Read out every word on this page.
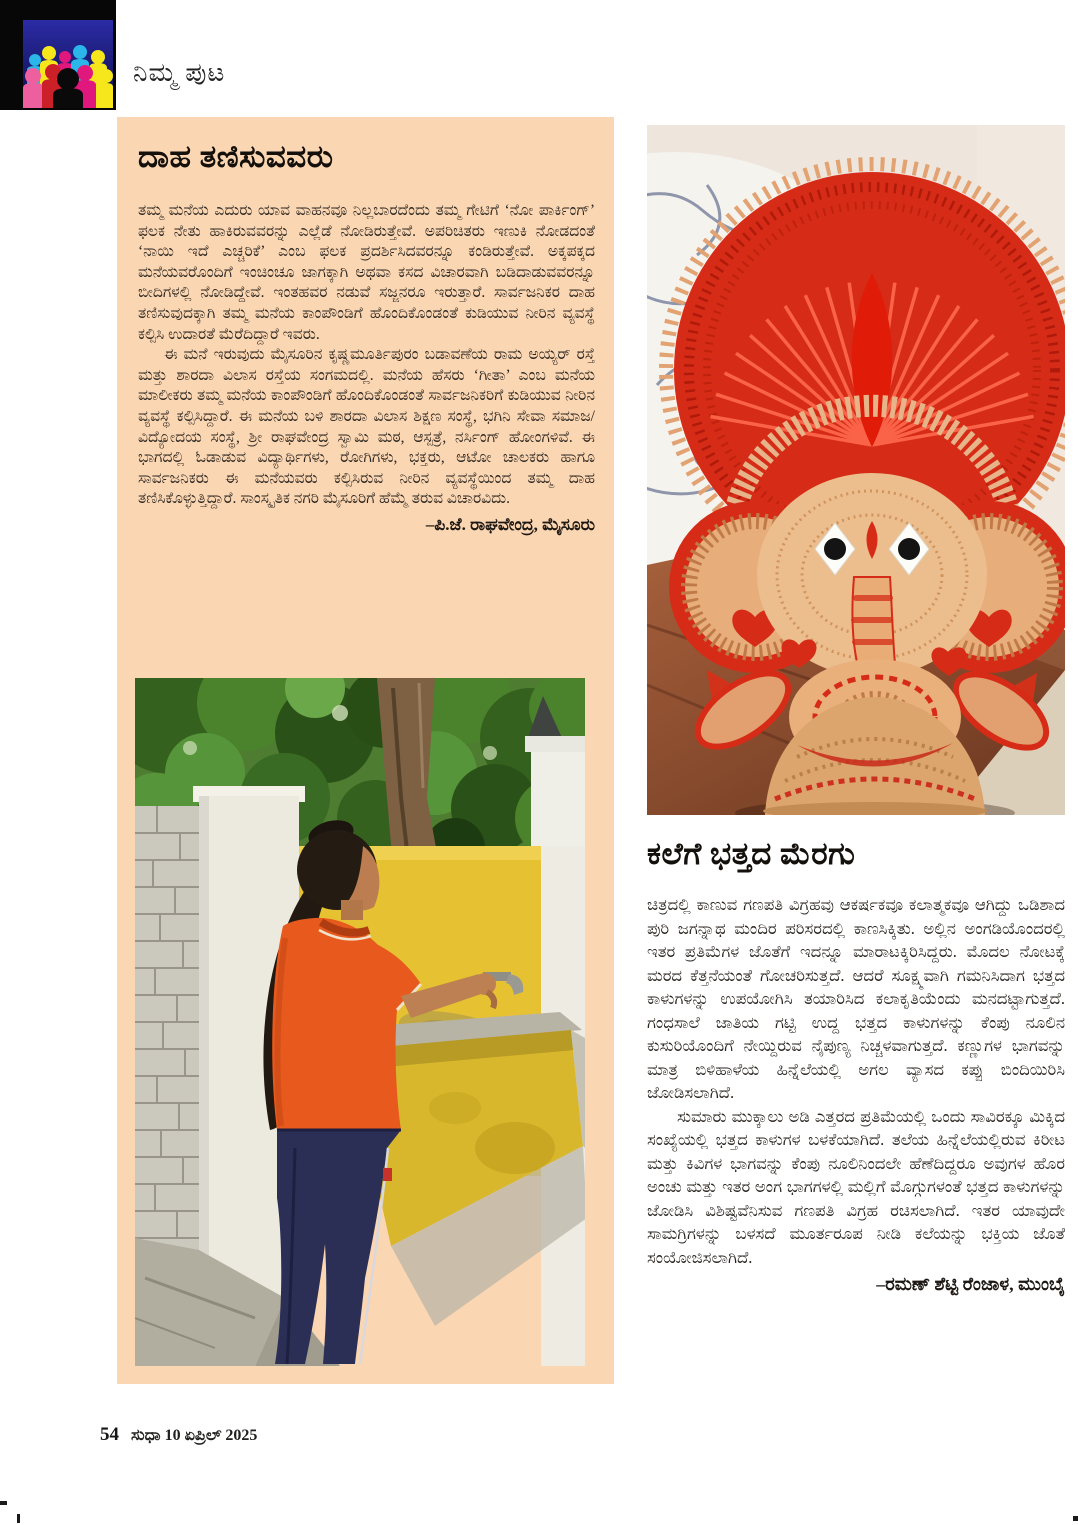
ನಿಮ್ಮ ಪುಟ
ದಾಹ ತಣಿಸುವವರು

ತಮ್ಮ ಮನೆಯ ಎದುರು ಯಾವ ವಾಹನವೂ ನಿಲ್ಲಬಾರದೆಂದು ತಮ್ಮ ಗೇಟಿಗೆ ‘ನೋ ಪಾರ್ಕಿಂಗ್’ ಫಲಕ ನೇತು ಹಾಕಿರುವವರನ್ನು ಎಲ್ಲೆಡೆ ನೋಡಿರುತ್ತೇವೆ. ಅಪರಿಚಿತರು ಇಣುಕಿ ನೋಡದಂತೆ ‘ನಾಯಿ ಇದೆ ಎಚ್ಚರಿಕೆ’ ಎಂಬ ಫಲಕ ಪ್ರದರ್ಶಿಸಿದವರನ್ನೂ ಕಂಡಿರುತ್ತೇವೆ. ಅಕ್ಕಪಕ್ಕದ ಮನೆಯವರೊಂದಿಗೆ ಇಂಚಿಂಚೂ ಜಾಗಕ್ಕಾಗಿ ಅಥವಾ ಕಸದ ವಿಚಾರವಾಗಿ ಬಡಿದಾಡುವವರನ್ನೂ ಬೀದಿಗಳಲ್ಲಿ ನೋಡಿದ್ದೇವೆ. ಇಂತಹವರ ನಡುವೆ ಸಜ್ಜನರೂ ಇರುತ್ತಾರೆ. ಸಾರ್ವಜನಿಕರ ದಾಹ ತಣಿಸುವುದಕ್ಕಾಗಿ ತಮ್ಮ ಮನೆಯ ಕಾಂಪೌಂಡಿಗೆ ಹೊಂದಿಕೊಂಡಂತೆ ಕುಡಿಯುವ ನೀರಿನ ವ್ಯವಸ್ಥೆ ಕಲ್ಪಿಸಿ ಉದಾರತೆ ಮೆರೆದಿದ್ದಾರೆ ಇವರು.

ಈ ಮನೆ ಇರುವುದು ಮೈಸೂರಿನ ಕೃಷ್ಣಮೂರ್ತಿಪುರಂ ಬಡಾವಣೆಯ ರಾಮ ಅಯ್ಯರ್ ರಸ್ತೆ ಮತ್ತು ಶಾರದಾ ವಿಲಾಸ ರಸ್ತೆಯ ಸಂಗಮದಲ್ಲಿ. ಮನೆಯ ಹೆಸರು ‘ಗೀತಾ’ ಎಂಬ ಮನೆಯ ಮಾಲೀಕರು ತಮ್ಮ ಮನೆಯ ಕಾಂಪೌಂಡಿಗೆ ಹೊಂದಿಕೊಂಡಂತೆ ಸಾರ್ವಜನಿಕರಿಗೆ ಕುಡಿಯುವ ನೀರಿನ ವ್ಯವಸ್ಥೆ ಕಲ್ಪಿಸಿದ್ದಾರೆ. ಈ ಮನೆಯ ಬಳಿ ಶಾರದಾ ವಿಲಾಸ ಶಿಕ್ಷಣ ಸಂಸ್ಥೆ, ಭಗಿನಿ ಸೇವಾ ಸಮಾಜ/ವಿದ್ಯೋದಯ ಸಂಸ್ಥೆ, ಶ್ರೀ ರಾಘವೇಂದ್ರ ಸ್ವಾಮಿ ಮಠ, ಆಸ್ಪತ್ರೆ, ನರ್ಸಿಂಗ್ ಹೋಂಗಳಿವೆ. ಈ ಭಾಗದಲ್ಲಿ ಓಡಾಡುವ ವಿದ್ಯಾರ್ಥಿಗಳು, ರೋಗಿಗಳು, ಭಕ್ತರು, ಆಟೋ ಚಾಲಕರು ಹಾಗೂ ಸಾರ್ವಜನಿಕರು ಈ ಮನೆಯವರು ಕಲ್ಪಿಸಿರುವ ನೀರಿನ ವ್ಯವಸ್ಥೆಯಿಂದ ತಮ್ಮ ದಾಹ ತಣಿಸಿಕೊಳ್ಳುತ್ತಿದ್ದಾರೆ. ಸಾಂಸ್ಕೃತಿಕ ನಗರಿ ಮೈಸೂರಿಗೆ ಹೆಮ್ಮೆ ತರುವ ವಿಚಾರವಿದು.

–ಪಿ.ಜೆ. ರಾಘವೇಂದ್ರ, ಮೈಸೂರು
ಕಲೆಗೆ ಭತ್ತದ ಮೆರಗು

ಚಿತ್ರದಲ್ಲಿ ಕಾಣುವ ಗಣಪತಿ ವಿಗ್ರಹವು ಆಕರ್ಷಕವೂ ಕಲಾತ್ಮಕವೂ ಆಗಿದ್ದು ಒಡಿಶಾದ ಪುರಿ ಜಗನ್ನಾಥ ಮಂದಿರ ಪರಿಸರದಲ್ಲಿ ಕಾಣಸಿಕ್ಕಿತು. ಅಲ್ಲಿನ ಅಂಗಡಿಯೊಂದರಲ್ಲಿ ಇತರ ಪ್ರತಿಮೆಗಳ ಜೊತೆಗೆ ಇದನ್ನೂ ಮಾರಾಟಕ್ಕಿರಿಸಿದ್ದರು. ಮೊದಲ ನೋಟಕ್ಕೆ ಮರದ ಕೆತ್ತನೆಯಂತೆ ಗೋಚರಿಸುತ್ತದೆ. ಆದರೆ ಸೂಕ್ಷ್ಮವಾಗಿ ಗಮನಿಸಿದಾಗ ಭತ್ತದ ಕಾಳುಗಳನ್ನು ಉಪಯೋಗಿಸಿ ತಯಾರಿಸಿದ ಕಲಾಕೃತಿಯೆಂದು ಮನದಟ್ಟಾಗುತ್ತದೆ. ಗಂಧಸಾಲೆ ಜಾತಿಯ ಗಟ್ಟಿ ಉದ್ದ ಭತ್ತದ ಕಾಳುಗಳನ್ನು ಕೆಂಪು ನೂಲಿನ ಕುಸುರಿಯೊಂದಿಗೆ ನೇಯ್ದಿರುವ ನೈಪುಣ್ಯ ನಿಚ್ಚಳವಾಗುತ್ತದೆ. ಕಣ್ಣುಗಳ ಭಾಗವನ್ನು ಮಾತ್ರ ಬಿಳಿಹಾಳೆಯ ಹಿನ್ನೆಲೆಯಲ್ಲಿ ಅಗಲ ವ್ಯಾಸದ ಕಪ್ಪು ಬಿಂದಿಯಿರಿಸಿ ಜೋಡಿಸಲಾಗಿದೆ.

ಸುಮಾರು ಮುಕ್ಕಾಲು ಅಡಿ ಎತ್ತರದ ಪ್ರತಿಮೆಯಲ್ಲಿ ಒಂದು ಸಾವಿರಕ್ಕೂ ಮಿಕ್ಕಿದ ಸಂಖ್ಯೆಯಲ್ಲಿ ಭತ್ತದ ಕಾಳುಗಳ ಬಳಕೆಯಾಗಿದೆ. ತಲೆಯ ಹಿನ್ನೆಲೆಯಲ್ಲಿರುವ ಕಿರೀಟ ಮತ್ತು ಕಿವಿಗಳ ಭಾಗವನ್ನು ಕೆಂಪು ನೂಲಿನಿಂದಲೇ ಹೆಣೆದಿದ್ದರೂ ಅವುಗಳ ಹೊರ ಅಂಚು ಮತ್ತು ಇತರ ಅಂಗ ಭಾಗಗಳಲ್ಲಿ ಮಲ್ಲಿಗೆ ಮೊಗ್ಗುಗಳಂತೆ ಭತ್ತದ ಕಾಳುಗಳನ್ನು ಜೋಡಿಸಿ ವಿಶಿಷ್ಟವೆನಿಸುವ ಗಣಪತಿ ವಿಗ್ರಹ ರಚಿಸಲಾಗಿದೆ. ಇತರ ಯಾವುದೇ ಸಾಮಗ್ರಿಗಳನ್ನು ಬಳಸದೆ ಮೂರ್ತರೂಪ ನೀಡಿ ಕಲೆಯನ್ನು ಭಕ್ತಿಯ ಜೊತೆ ಸಂಯೋಜಿಸಲಾಗಿದೆ.

–ರಮಣ್ ಶೆಟ್ಟಿ ರೆಂಜಾಳ, ಮುಂಬೈ
54 ಸುಧಾ 10 ಏಪ್ರಿಲ್ 2025
